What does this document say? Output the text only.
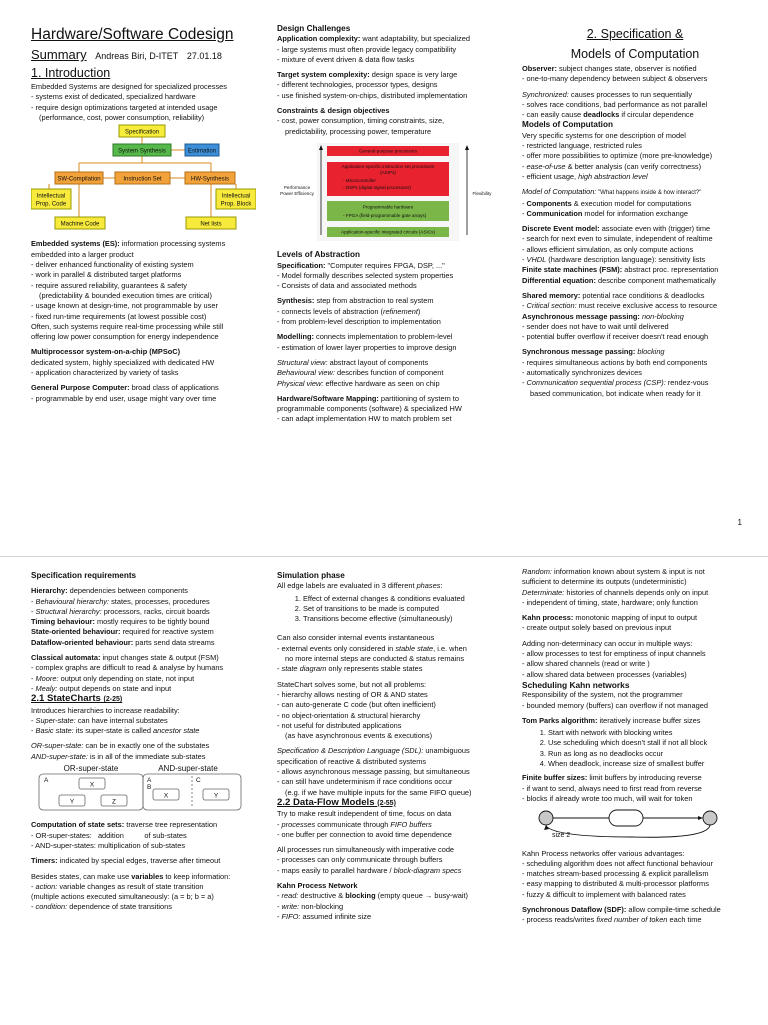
Hardware/Software Codesign
Summary Andreas Biri, D-ITET 27.01.18
1. Introduction
Embedded Systems are designed for specialized processes
- systems exist of dedicated, specialized hardware
- require design optimizations targeted at intended usage
(performance, cost, power consumption, reliability)
Specification
System Synthesis	Estimation
SW-Compilation	Instruction Set	HW-Synthesis
Intellectual
Prop. Code
Intellectual
Prop. Block
Machine Code	Net lists
Embedded systems (ES): information processing systems
embedded into a larger product
- deliver enhanced functionality of existing system
- work in parallel & distributed target platforms
- require assured reliability, guarantees & safety
(predictability & bounded execution times are critical)
- usage known at design-time, not programmable by user
- fixed run-time requirements (at lowest possible cost)
Often, such systems require real-time processing while still
offering low power consumption for energy independence
Multiprocessor system-on-a-chip (MPSoC)
dedicated system, highly specialized with dedicated HW
- application characterized by variety of tasks
General Purpose Computer: broad class of applications
- programmable by end user, usage might vary over time
Design Challenges
Application complexity: want adaptability, but specialized
- large systems must often provide legacy compatibility
- mixture of event driven & data flow tasks
Target system complexity: design space is very large
- different technologies, processor types, designs
- use finished system-on-chips, distributed implementation
Constraints & design objectives
- cost, power consumption, timing constraints, size,
predictability, processing power, temperature
General-purpose processors
Application-specific instruction set processors
(ASIPs)
- Microcontroller
- DSPs (digital signal processors)
Programmable hardware
- FPGA (field-programmable gate arrays)
Application-specific integrated circuits (ASICs)
Performance
Power Efficiency	Flexibility
Levels of Abstraction
Specification: "Computer requires FPGA, DSP, ..."
- Model formally describes selected system properties
- Consists of data and associated methods
Synthesis: step from abstraction to real system
- connects levels of abstraction (refinement)
- from problem-level description to implementation
Modelling: connects implementation to problem-level
- estimation of lower layer properties to improve design
Structural view: abstract layout of components
Behavioural view: describes function of component
Physical view: effective hardware as seen on chip
Hardware/Software Mapping: partitioning of system to
programmable components (software) & specialized HW
- can adapt implementation HW to match problem set
2. Specification &
Models of Computation
Observer: subject changes state, observer is notified
- one-to-many dependency between subject & observers
Synchronized: causes processes to run sequentially
- solves race conditions, bad performance as not parallel
- can easily cause deadlocks if circular dependence
Models of Computation
Very specific systems for one description of model
- restricted language, restricted rules
- offer more possibilities to optimize (more pre-knowledge)
- ease-of-use & better analysis (can verify correctness)
- efficient usage, high abstraction level
Model of Computation: "What happens inside & how interact?"
- Components & execution model for computations
- Communication model for information exchange
Discrete Event model: associate even with (trigger) time
- search for next even to simulate, independent of realtime
- allows efficient simulation, as only compute actions
- VHDL (hardware description language): sensitivity lists
Finite state machines (FSM): abstract proc. representation
Differential equation: describe component mathematically
Shared memory: potential race conditions & deadlocks
- Critical section: must receive exclusive access to resource
Asynchronous message passing: non-blocking
- sender does not have to wait until delivered
- potential buffer overflow if receiver doesn't read enough
Synchronous message passing: blocking
- requires simultaneous actions by both end components
- automatically synchronizes devices
- Communication sequential process (CSP): rendez-vous
based communication, bot indicate when ready for it
1
Specification requirements
Hierarchy: dependencies between components
- Behavioural hierarchy: states, processes, procedures
- Structural hierarchy: processors, racks, circuit boards
Timing behaviour: mostly requires to be tightly bound
State-oriented behaviour: required for reactive system
Dataflow-oriented behaviour: parts send data streams
Classical automata: input changes state & output (FSM)
- complex graphs are difficult to read & analyse by humans
- Moore: output only depending on state, not input
- Mealy: output depends on state and input
2.1 StateCharts (2-25)
Introduces hierarchies to increase readability:
- Super-state: can have internal substates
- Basic state: its super-state is called ancestor state
OR-super-state: can be in exactly one of the substates
AND-super-state: is in all of the immediate sub-states
OR-super-state	AND-super-state
A
X
Y	Z
A
B
C
X	Y
Computation of state sets: traverse tree representation
- OR-super-states:   addition          of sub-states
- AND-super-states: multiplication of sub-states
Timers: indicated by special edges, traverse after timeout
Besides states, can make use variables to keep information:
- action: variable changes as result of state transition
(multiple actions executed simultaneously: (a = b; b = a)
- condition: dependence of state transitions
Simulation phase
All edge labels are evaluated in 3 different phases:
1. Effect of external changes & conditions evaluated
2. Set of transitions to be made is computed
3. Transitions become effective (simultaneously)
Can also consider internal events instantaneous
- external events only considered in stable state, i.e. when
no more internal steps are conducted & status remains
- state diagram only represents stable states
StateChart solves some, but not all problems:
- hierarchy allows nesting of OR & AND states
- can auto-generate C code (but often inefficient)
- no object-orientation & structural hierarchy
- not useful for distributed applications
(as have asynchronous events & executions)
Specification & Description Language (SDL): unambiguous
specification of reactive & distributed systems
- allows asynchronous message passing, but simultaneous
- can still have undeterminism if race conditions occur
(e.g. if we have multiple inputs for the same FIFO queue)
2.2 Data-Flow Models (2-55)
Try to make result independent of time, focus on data
- processes communicate through FIFO buffers
- one buffer per connection to avoid time dependence
All processes run simultaneously with imperative code
- processes can only communicate through buffers
- maps easily to parallel hardware / block-diagram specs
Kahn Process Network
- read: destructive & blocking (empty queue → busy-wait)
- write: non-blocking
- FIFO: assumed infinite size
Random: information known about system & input is not
sufficient to determine its outputs (undeterministic)
Determinate: histories of channels depends only on input
- independent of timing, state, hardware; only function
Kahn process: monotonic mapping of input to output
- create output solely based on previous input
Adding non-determinacy can occur in multiple ways:
- allow processes to test for emptiness of input channels
- allow shared channels (read or write )
- allow shared data between processes (variables)
Scheduling Kahn networks
Responsibility of the system, not the programmer
- bounded memory (buffers) can overflow if not managed
Tom Parks algorithm: iteratively increase buffer sizes
1. Start with network with blocking writes
2. Use scheduling which doesn't stall if not all block
3. Run as long as no deadlocks occur
4. When deadlock, increase size of smallest buffer
Finite buffer sizes: limit buffers by introducing reverse
- if want to send, always need to first read from reverse
- blocks if already wrote too much, will wait for token
size 2
Kahn Process networks offer various advantages:
- scheduling algorithm does not affect functional behaviour
- matches stream-based processing & explicit parallelism
- easy mapping to distributed & multi-processor platforms
- fuzzy & difficult to implement with balanced rates
Synchronous Dataflow (SDF): allow compile-time schedule
- process reads/writes fixed number of token each time
